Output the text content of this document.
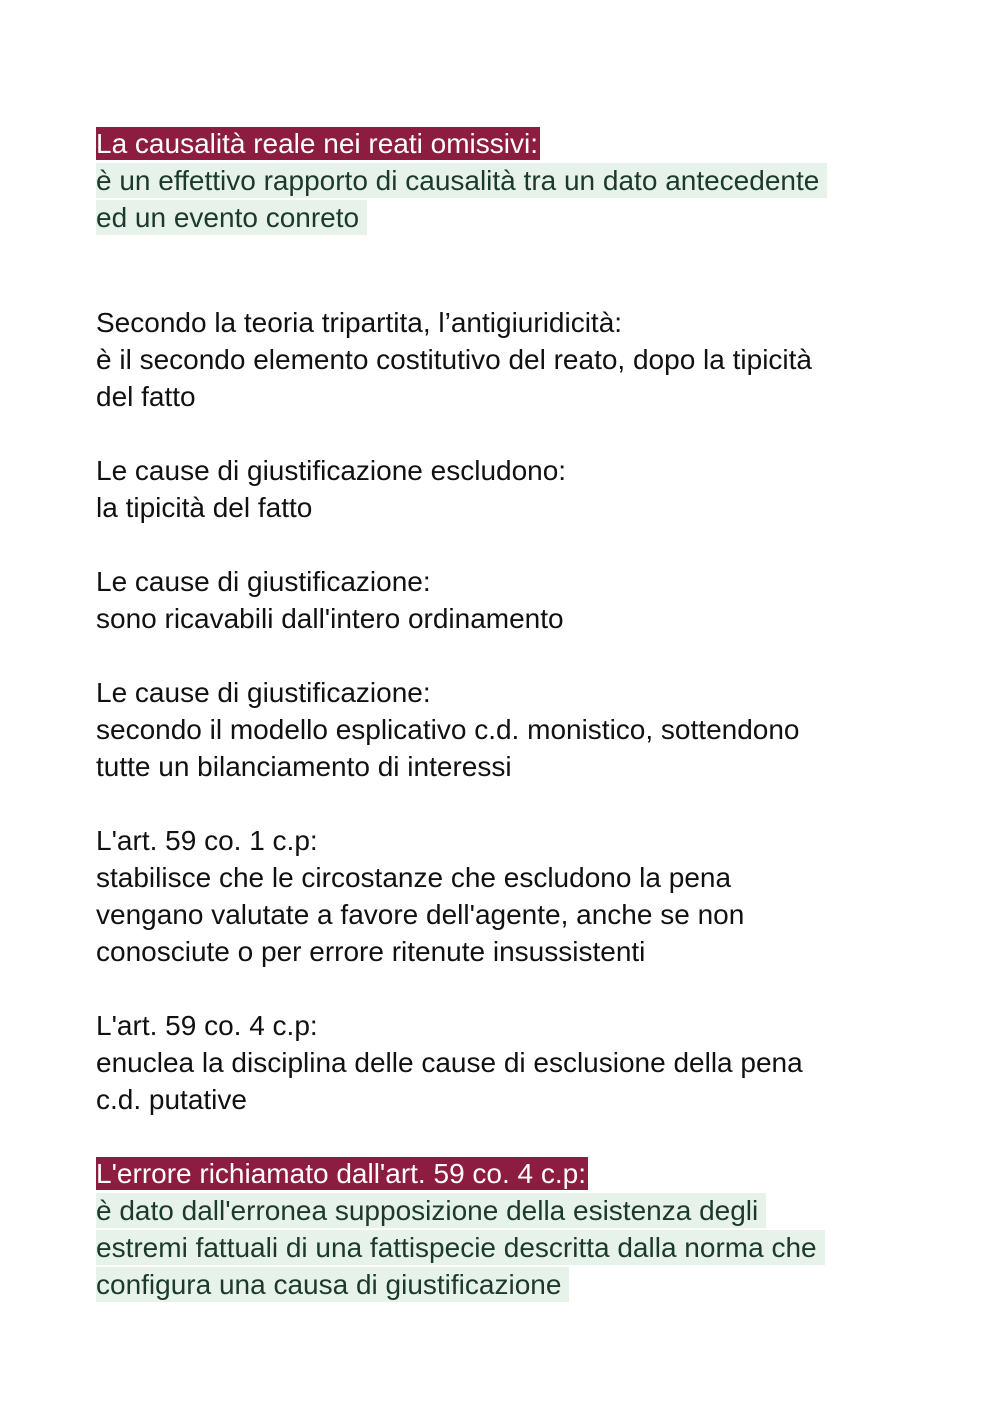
La causalità reale nei reati omissivi:
è un effettivo rapporto di causalità tra un dato antecedente
ed un evento conreto
Secondo la teoria tripartita, l’antigiuridicità:
è il secondo elemento costitutivo del reato, dopo la tipicità
del fatto
Le cause di giustificazione escludono:
la tipicità del fatto
Le cause di giustificazione:
sono ricavabili dall'intero ordinamento
Le cause di giustificazione:
secondo il modello esplicativo c.d. monistico, sottendono
tutte un bilanciamento di interessi
L'art. 59 co. 1 c.p:
stabilisce che le circostanze che escludono la pena
vengano valutate a favore dell'agente, anche se non
conosciute o per errore ritenute insussistenti
L'art. 59 co. 4 c.p:
enuclea la disciplina delle cause di esclusione della pena
c.d. putative
L'errore richiamato dall'art. 59 co. 4 c.p:
è dato dall'erronea supposizione della esistenza degli
estremi fattuali di una fattispecie descritta dalla norma che
configura una causa di giustificazione
